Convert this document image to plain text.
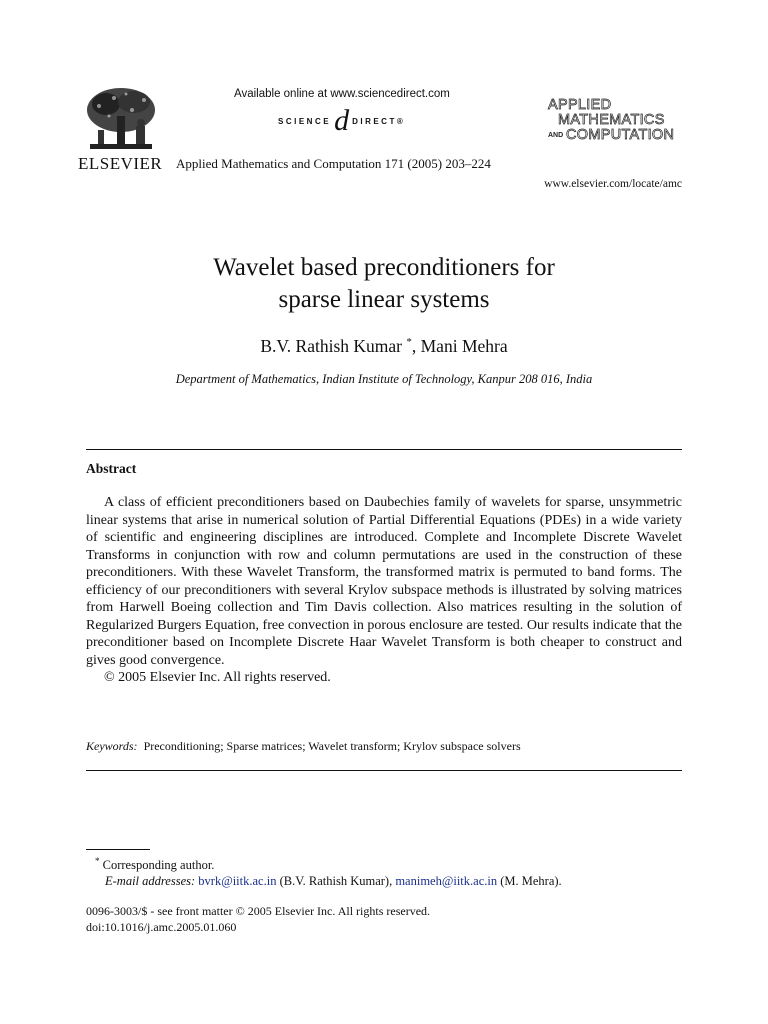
ELSEVIER
Available online at www.sciencedirect.com
SCIENCE d DIRECT®
Applied Mathematics and Computation 171 (2005) 203–224
APPLIED
MATHEMATICS
AND COMPUTATION
www.elsevier.com/locate/amc
Wavelet based preconditioners for
sparse linear systems
B.V. Rathish Kumar *, Mani Mehra
Department of Mathematics, Indian Institute of Technology, Kanpur 208 016, India
Abstract

A class of efficient preconditioners based on Daubechies family of wavelets for sparse, unsymmetric linear systems that arise in numerical solution of Partial Differential Equations (PDEs) in a wide variety of scientific and engineering disciplines are introduced. Complete and Incomplete Discrete Wavelet Transforms in conjunction with row and column permutations are used in the construction of these preconditioners. With these Wavelet Transform, the transformed matrix is permuted to band forms. The efficiency of our preconditioners with several Krylov subspace methods is illustrated by solving matrices from Harwell Boeing collection and Tim Davis collection. Also matrices resulting in the solution of Regularized Burgers Equation, free convection in porous enclosure are tested. Our results indicate that the preconditioner based on Incomplete Discrete Haar Wavelet Transform is both cheaper to construct and gives good convergence.

© 2005 Elsevier Inc. All rights reserved.

Keywords: Preconditioning; Sparse matrices; Wavelet transform; Krylov subspace solvers
* Corresponding author.
E-mail addresses: bvrk@iitk.ac.in (B.V. Rathish Kumar), manimeh@iitk.ac.in (M. Mehra).
0096-3003/$ - see front matter © 2005 Elsevier Inc. All rights reserved.
doi:10.1016/j.amc.2005.01.060
